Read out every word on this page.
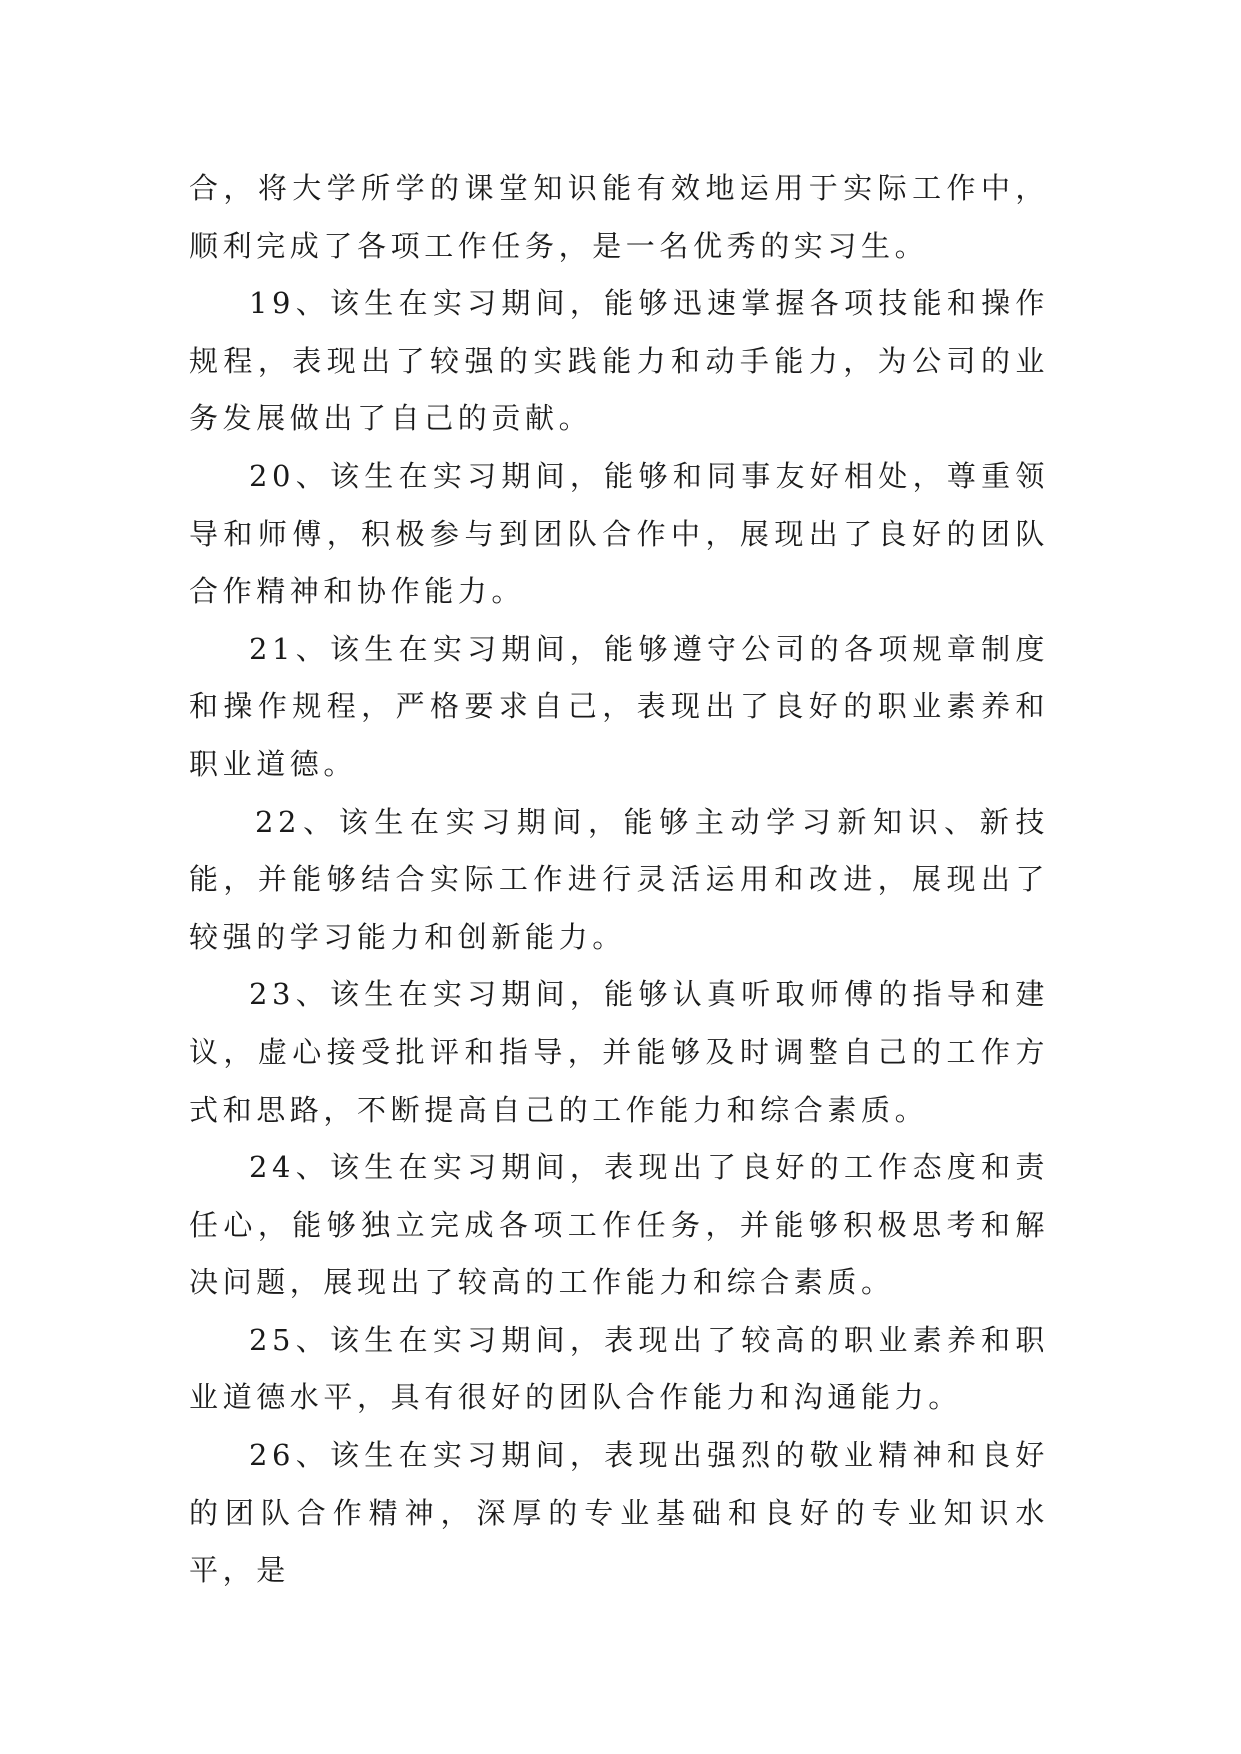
合，将大学所学的课堂知识能有效地运用于实际工作中，顺利完成了各项工作任务，是一名优秀的实习生。

19、该生在实习期间，能够迅速掌握各项技能和操作规程，表现出了较强的实践能力和动手能力，为公司的业务发展做出了自己的贡献。

20、该生在实习期间，能够和同事友好相处，尊重领导和师傅，积极参与到团队合作中，展现出了良好的团队合作精神和协作能力。

21、该生在实习期间，能够遵守公司的各项规章制度和操作规程，严格要求自己，表现出了良好的职业素养和职业道德。

22、该生在实习期间，能够主动学习新知识、新技能，并能够结合实际工作进行灵活运用和改进，展现出了较强的学习能力和创新能力。

23、该生在实习期间，能够认真听取师傅的指导和建议，虚心接受批评和指导，并能够及时调整自己的工作方式和思路，不断提高自己的工作能力和综合素质。

24、该生在实习期间，表现出了良好的工作态度和责任心，能够独立完成各项工作任务，并能够积极思考和解决问题，展现出了较高的工作能力和综合素质。

25、该生在实习期间，表现出了较高的职业素养和职业道德水平，具有很好的团队合作能力和沟通能力。

26、该生在实习期间，表现出强烈的敬业精神和良好的团队合作精神，深厚的专业基础和良好的专业知识水平，是
